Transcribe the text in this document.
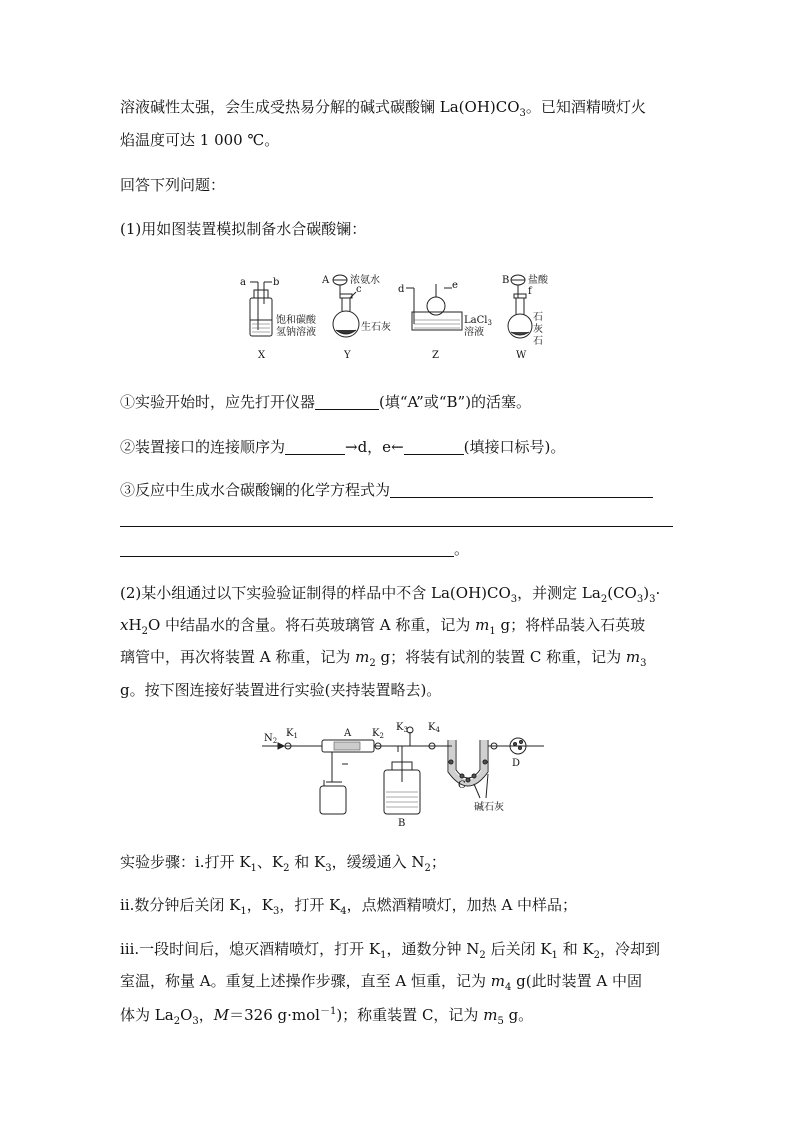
溶液碱性太强，会生成受热易分解的碱式碳酸镧 $La(OH)CO_3$。已知酒精喷灯火
焰温度可达 1 000 ℃。
回答下列问题：
(1)用如图装置模拟制备水合碳酸镧：
a	b
饱和碳酸
氢钠溶液
X
A 浓氨水
c
生石灰
Y
d	e
LaCl$_3$
溶液
Z
B 盐酸
f
石
灰
石
W
①实验开始时，应先打开仪器	(填“A”或“B”)的活塞。
②装置接口的连接顺序为	→d，e←	(填接口标号)。
③反应中生成水合碳酸镧的化学方程式为
。
(2)某小组通过以下实验验证制得的样品中不含 $La(OH)CO_3$，并测定 $La_2(CO_3)_3\cdot$
$xH_2O$ 中结晶水的含量。将石英玻璃管 A 称重，记为 $m_1$ g；将样品装入石英玻
璃管中，再次将装置 A 称重，记为 $m_2$ g；将装有试剂的装置 C 称重，记为 $m_3$
g。按下图连接好装置进行实验(夹持装置略去)。
$N_2$
$K_1$	A $K_2$
$K_3$ $K_4$
B
C
D
碱石灰
实验步骤：ⅰ.打开 $K_1$、$K_2$ 和 $K_3$，缓缓通入 $N_2$；
ⅱ.数分钟后关闭 $K_1$，$K_3$，打开 $K_4$，点燃酒精喷灯，加热 A 中样品；
ⅲ.一段时间后，熄灭酒精喷灯，打开 $K_1$，通数分钟 $N_2$ 后关闭 $K_1$ 和 $K_2$，冷却到
室温，称量 A。重复上述操作步骤，直至 A 恒重，记为 $m_4$ g(此时装置 A 中固
体为 $La_2O_3$，M＝326 g·mol$^{-1}$)；称重装置 C，记为 $m_5$ g。
